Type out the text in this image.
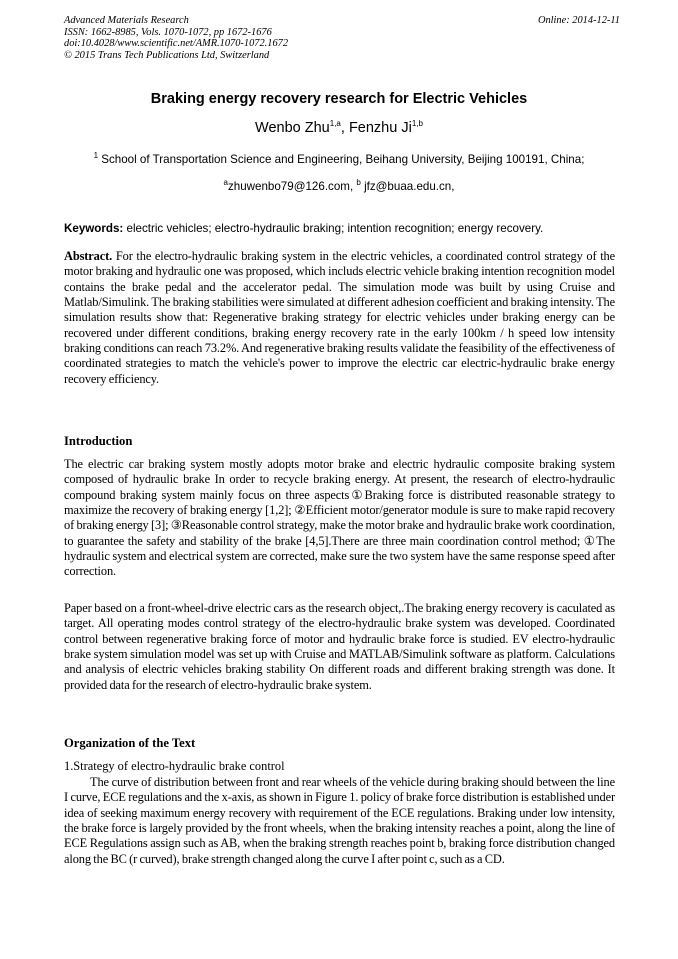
Advanced Materials Research
ISSN: 1662-8985, Vols. 1070-1072, pp 1672-1676
doi:10.4028/www.scientific.net/AMR.1070-1072.1672
© 2015 Trans Tech Publications Ltd, Switzerland
Online: 2014-12-11
Braking energy recovery research for Electric Vehicles
Wenbo Zhu$^{1,a}$, Fenzhu Ji$^{1,b}$
$^1$ School of Transportation Science and Engineering, Beihang University, Beijing 100191, China;
$^a$zhuwenbo79@126.com, $^b$ jfz@buaa.edu.cn,
Keywords: electric vehicles; electro-hydraulic braking; intention recognition; energy recovery.
Abstract. For the electro-hydraulic braking system in the electric vehicles, a coordinated control strategy of the motor braking and hydraulic one was proposed, which includs electric vehicle braking intention recognition model contains the brake pedal and the accelerator pedal. The simulation mode was built by using Cruise and Matlab/Simulink. The braking stabilities were simulated at different adhesion coefficient and braking intensity. The simulation results show that: Regenerative braking strategy for electric vehicles under braking energy can be recovered under different conditions, braking energy recovery rate in the early 100km / h speed low intensity braking conditions can reach 73.2%. And regenerative braking results validate the feasibility of the effectiveness of coordinated strategies to match the vehicle's power to improve the electric car electric-hydraulic brake energy recovery efficiency.
Introduction
The electric car braking system mostly adopts motor brake and electric hydraulic composite braking system composed of hydraulic brake In order to recycle braking energy. At present, the research of electro-hydraulic compound braking system mainly focus on three aspects①Braking force is distributed reasonable strategy to maximize the recovery of braking energy [1,2]; ②Efficient motor/generator module is sure to make rapid recovery of braking energy [3]; ③Reasonable control strategy, make the motor brake and hydraulic brake work coordination, to guarantee the safety and stability of the brake [4,5].There are three main coordination control method; ①The hydraulic system and electrical system are corrected, make sure the two system have the same response speed after correction.
Paper based on a front-wheel-drive electric cars as the research object,.The braking energy recovery is caculated as target. All operating modes control strategy of the electro-hydraulic brake system was developed. Coordinated control between regenerative braking force of motor and hydraulic brake force is studied. EV electro-hydraulic brake system simulation model was set up with Cruise and MATLAB/Simulink software as platform. Calculations and analysis of electric vehicles braking stability On different roads and different braking strength was done. It provided data for the research of electro-hydraulic brake system.
Organization of the Text
1.Strategy of electro-hydraulic brake control
The curve of distribution between front and rear wheels of the vehicle during braking should between the line I curve, ECE regulations and the x-axis, as shown in Figure 1. policy of brake force distribution is established under idea of seeking maximum energy recovery with requirement of the ECE regulations. Braking under low intensity, the brake force is largely provided by the front wheels, when the braking intensity reaches a point, along the line of ECE Regulations assign such as AB, when the braking strength reaches point b, braking force distribution changed along the BC (r curved), brake strength changed along the curve I after point c, such as a CD.
